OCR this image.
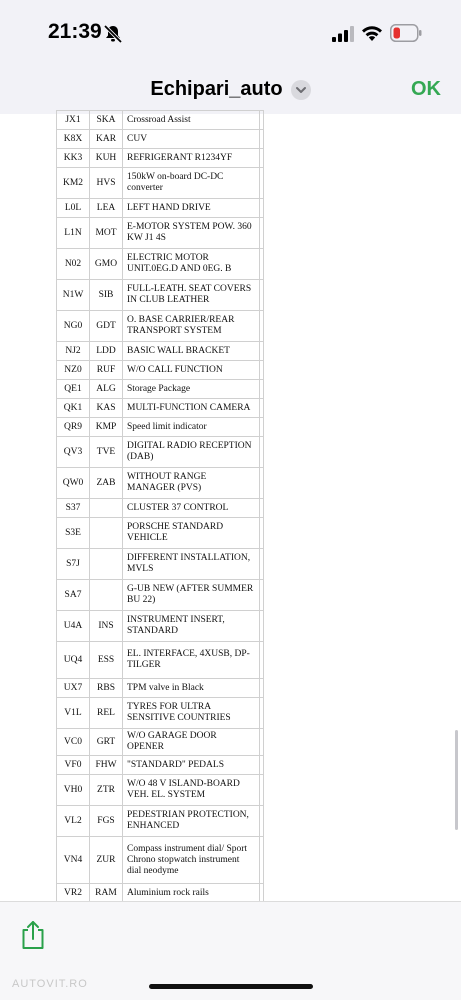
21:39
Echipari_auto	OK
JX1	SKA	Crossroad Assist	
K8X	KAR	CUV	
KK3	KUH	REFRIGERANT R1234YF	
KM2	HVS	150kW on-board DC-DC converter	
L0L	LEA	LEFT HAND DRIVE	
L1N	MOT	E-MOTOR SYSTEM POW. 360 KW J1 4S	
N02	GMO	ELECTRIC MOTOR UNIT.0EG.D AND 0EG. B	
N1W	SIB	FULL-LEATH. SEAT COVERS IN CLUB LEATHER	
NG0	GDT	O. BASE CARRIER/REAR TRANSPORT SYSTEM	
NJ2	LDD	BASIC WALL BRACKET	
NZ0	RUF	W/O CALL FUNCTION	
QE1	ALG	Storage Package	
QK1	KAS	MULTI-FUNCTION CAMERA	
QR9	KMP	Speed limit indicator	
QV3	TVE	DIGITAL RADIO RECEPTION (DAB)	
QW0	ZAB	WITHOUT RANGE MANAGER (PVS)	
S37		CLUSTER 37 CONTROL	
S3E		PORSCHE STANDARD VEHICLE	
S7J		DIFFERENT INSTALLATION, MVLS	
SA7		G-UB NEW (AFTER SUMMER BU 22)	
U4A	INS	INSTRUMENT INSERT, STANDARD	
UQ4	ESS	EL. INTERFACE, 4XUSB, DP-TILGER	
UX7	RBS	TPM valve in Black	
V1L	REL	TYRES FOR ULTRA SENSITIVE COUNTRIES	
VC0	GRT	W/O GARAGE DOOR OPENER	
VF0	FHW	"STANDARD" PEDALS	
VH0	ZTR	W/O 48 V ISLAND-BOARD VEH. EL. SYSTEM	
VL2	FGS	PEDESTRIAN PROTECTION, ENHANCED	
VN4	ZUR	Compass instrument dial/ Sport Chrono stopwatch instrument dial neodyme	
VR2	RAM	Aluminium rock rails	

AUTOVIT.RO
